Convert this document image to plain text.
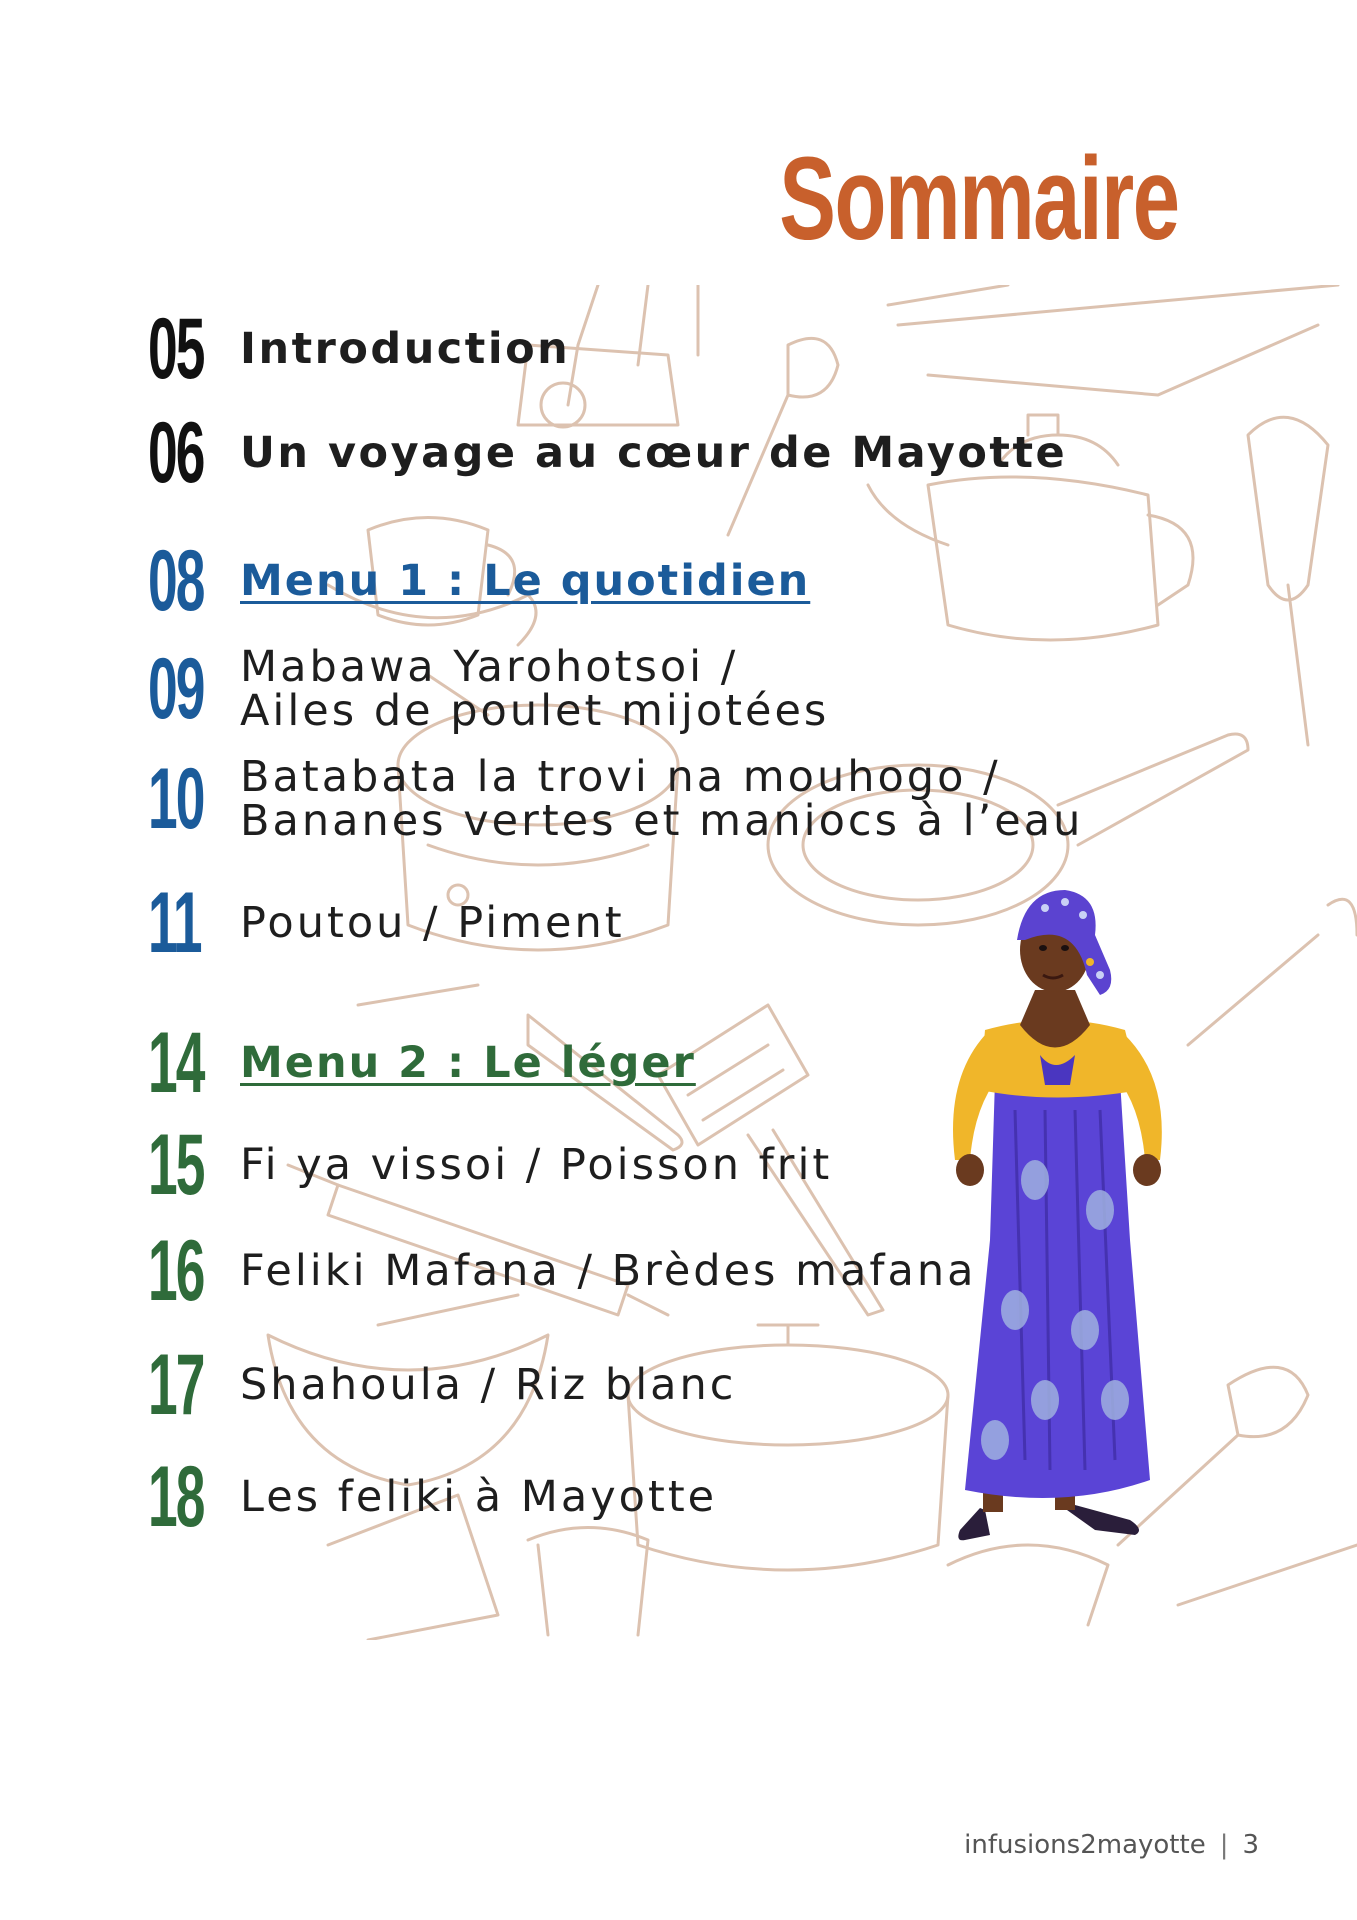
Sommaire
05 Introduction
06 Un voyage au cœur de Mayotte
08 Menu 1 : Le quotidien
09 Mabawa Yarohotsoi /
Ailes de poulet mijotées
10 Batabata la trovi na mouhogo /
Bananes vertes et maniocs à l’eau
11 Poutou / Piment
14 Menu 2 : Le léger
15 Fi ya vissoi / Poisson frit
16 Feliki Mafana / Brèdes mafana
17 Shahoula / Riz blanc
18 Les feliki à Mayotte
infusions2mayotte | 3
